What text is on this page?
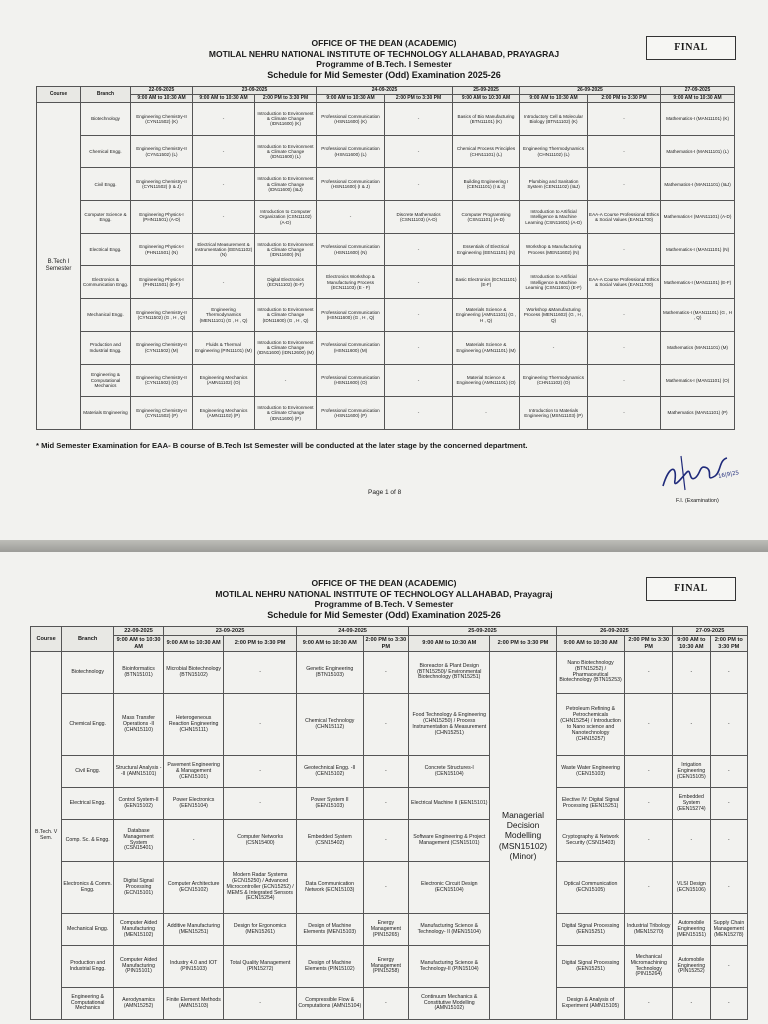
OFFICE OF THE DEAN (ACADEMIC)
MOTILAL NEHRU NATIONAL INSTITUTE OF TECHNOLOGY ALLAHABAD, PRAYAGRAJ
Programme of B.Tech. I Semester
Schedule for Mid Semester (Odd) Examination 2025-26
FINAL
Course	Branch	22-09-2025	23-09-2025		24-09-2025		25-09-2025	26-09-2025		27-09-2025
		9:00 AM to 10:30 AM	9:00 AM to 10:30 AM	2:00 PM to 3:30 PM	9:00 AM to 10:30 AM	2:00 PM to 3:30 PM	9:00 AM to 10:30 AM	9:00 AM to 10:30 AM	2:00 PM to 3:30 PM	9:00 AM to 10:30 AM
B.Tech I Semester	Biotechnology	Engineering Chemistry-II (CYN11502) (K)	-	Introduction to Environment & Climate Change (IDN11600) (K)	Professional Communication (HSN11600) (K)	-	Basics of Bio Manufacturing (BTN11101) (K)	Introductory Cell & Molecular Biology (BTN11102) (K)	-	Mathematics-I (MAN11101) (K)
	Chemical Engg.	Engineering Chemistry-II (CYN11502) (L)	-	Introduction to Environment & Climate Change (IDN11600) (L)	Professional Communication (HSN11600) (L)	-	Chemical Process Principles (CHN11101) (L)	Engineering Thermodynamics (CHN11102) (L)	-	Mathematics-I (MAN11101) (L)
	Civil Engg.	Engineering Chemistry-II (CYN11502) (I & J)	-	Introduction to Environment & Climate Change (IDN11600) (I&J)	Professional Communication (HSN11600) (I & J)	-	Building Engineering I (CEN11101) (I & J)	Plumbing and Sanitation System (CEN11102) (I&J)	-	Mathematics-I (MAN11101) (I&J)
	Computer Science & Engg.	Engineering Physics-I (PHN11501) (A-D)	-	Introduction to Computer Organization (CSN11102) (A-D)	-	Discrete Mathematics (CSN11103) (A-D)	Computer Programming (CSN11101) (A-D)	Introduction to Artificial Intelligence & Machine Learning (CSN11601) (A-D)	EAA-A Course Professional Ethics & Social Values (EAN11700)	Mathematics-I (MAN11101) (A-D)
	Electrical Engg.	Engineering Physics-I (PHN11501) (N)	Electrical Measurement & Instrumentation (EEN11102) (N)	Introduction to Environment & Climate Change (IDN11600) (N)	Professional Communication (HSN11600) (N)	-	Essentials of Electrical Engineering (EEN11101) (N)	Workshop & Manufacturing Process (MEN11602) (N)	-	Mathematics-I (MAN11101) (N)
	Electronics & Communication Engg.	Engineering Physics-I (PHN11501) (E-F)	-	Digital Electronics (ECN11102) (E-F)	Electronics Workshop & Manufacturing Process (ECN11103) (E - F)	-	Basic Electronics (ECN11101) (E-F)	Introduction to Artificial Intelligence & Machine Learning (CSN11601) (E-F)	EAA-A Course Professional Ethics & Social Values (EAN11700)	Mathematics-I (MAN11101) (E-F)
	Mechanical Engg.	Engineering Chemistry-II (CYN11502) (G , H , Q)	Engineering Thermodynamics (MEN11101) (G , H , Q)	Introduction to Environment & Climate Change (IDN11600) (G , H , Q)	Professional Communication (HSN11600) (G , H , Q)	-	Materials Science & Engineering (AMN11101) (G , H , Q)	Workshop &Manufacturing Process (MEN11602) (G , H , Q)	-	Mathematics-I (MAN11101) (G , H , Q)
	Production and Industrial Engg.	Engineering Chemistry-II (CYN11502) (M)	Fluids & Thermal Engineering (PIN11101) (M)	Introduction to Environment & Climate Change (IDN11600) (IDN12600) (M)	Professional Communication (HSN11600) (M)	-	Materials Science & Engineering (AMN11101) (M)	-	-	Mathematics (MAN11101) (M)
	Engineering & Computational Mechanics	Engineering Chemistry-II (CYN11502) (O)	Engineering Mechanics (AMN11102) (O)	-	Professional Communication (HSN11600) (O)	-	Material Science & Engineering (AMN11101) (O)	Engineering Thermodynamics (CHN11102) (O)	-	Mathematics-I (MAN11101) (O)
	Materials Engineering	Engineering Chemistry-II (CYN11502) (P)	Engineering Mechanics (AMN11102) (P)	Introduction to Environment & Climate Change (IDN11600) (P)	Professional Communication (HSN11600) (P)	-	-	Introduction to Materials Engineering (MSN11103) (P)	-	Mathematics (MAN11101) (P)
* Mid Semester Examination for EAA- B course of B.Tech Ist Semester will be conducted at the later stage by the concerned department.
Page 1 of 8
16|9|25
F.I. (Examination)
OFFICE OF THE DEAN (ACADEMIC)
MOTILAL NEHRU NATIONAL INSTITUTE OF TECHNOLOGY ALLAHABAD, Prayagraj
Programme of B.Tech. V Semester
Schedule for Mid Semester (Odd) Examination 2025-26
FINAL
Course	Branch	22-09-2025	23-09-2025		24-09-2025		25-09-2025		26-09-2025		27-09-2025	
		9:00 AM to 10:30 AM	9:00 AM to 10:30 AM	2:00 PM to 3:30 PM	9:00 AM to 10:30 AM	2:00 PM to 3:30 PM	9:00 AM to 10:30 AM	2:00 PM to 3:30 PM	9:00 AM to 10:30 AM	2:00 PM to 3:30 PM	9:00 AM to 10:30 AM	2:00 PM to 3:30 PM
B.Tech. V Sem.	Biotechnology	Bioinformatics (BTN15101)	Microbial Biotechnology (BTN15102)	-	Genetic Engineering (BTN15103)	-	Bioreactor & Plant Design (BTN15250)/ Environmental Biotechnology (BTN15251)	Managerial Decision Modelling (MSN15102) (Minor)	Nano Biotechnology (BTN15252) / Pharmaceutical Biotechnology (BTN15253)	-	-	-
	Chemical Engg.	Mass Transfer Operations -II (CHN15110)	Heterogeneous Reaction Engineering (CHN15111)	-	Chemical Technology (CHN15112)	-	Food Technology & Engineering (CHN15250) / Process Instrumentation & Measurement (CHN15251)		Petroleum Refining & Petrochemicals (CHN15254) / Introduction to Nano science and Nanotechnology (CHN15257)	-	-	-
	Civil Engg.	Structural Analysis --II (AMN15101)	Pavement Engineering & Management (CEN15101)	-	Geotechnical Engg. -II (CEN15102)	-	Concrete Structures-I (CEN15104)		Waste Water Engineering (CEN15103)	-	Irrigation Engineering (CEN15105)	-
	Electrical Engg.	Control System-II (EEN15102)	Power Electronics (EEN15104)	-	Power System II (EEN15103)	-	Electrical Machine II (EEN15101)		Elective IV: Digital Signal Processing (EEN15251)	-	Embedded System (EEN15274)	-
	Comp. Sc. & Engg.	Database Management System (CSN15401)	-	Computer Networks (CSN15400)	Embedded System (CSN15402)	-	Software Engineering & Project Management (CSN15101)		Cryptography & Network Security (CSN15403)	-	-	-
	Electronics & Comm. Engg.	Digital Signal Processing (ECN15101)	Computer Architecture (ECN15102)	Modern Radar Systems (ECN15250) / Advanced Microcontroller (ECN15252) / MEMS & Integrated Sensors (ECN15254)	Data Communication Network (ECN15103)	-	Electronic Circuit Design (ECN15104)		Optical Communication (ECN15105)	-	VLSI Design (ECN15106)	-
	Mechanical Engg.	Computer Aided Manufacturing (MEN15102)	Additive Manufacturing (MEN15251)	Design for Ergonomics (MEN15261)	Design of Machine Elements (MEN15103)	Energy Management (PIN15265)	Manufacturing Science & Technology- II (MEN15104)		Digital Signal Processing (EEN15251)	Industrial Tribology (MEN15270)	Automobile Engineering (MEN15151)	Supply Chain Management (MEN15278)
	Production and Industrial Engg.	Computer Aided Manufacturing (PIN15101)	Industry 4.0 and IOT (PIN15103)	Total Quality Management (PIN15272)	Design of Machine Elements (PIN15102)	Energy Management (PIN15258)	Manufacturing Science & Technology-II (PIN15104)		Digital Signal Processing (EEN15251)	Mechanical Micromachining Technology (PIN15264)	Automobile Engineering (PIN15252)	-
	Engineering & Computational Mechanics	Aerodynamics (AMN15252)	Finite Element Methods (AMN15103)	-	Compressible Flow & Computations (AMN15104)	-	Continuum Mechanics & Constitutive Modelling (AMN15102)		Design & Analysis of Experiment (AMN15105)	-	-	-
